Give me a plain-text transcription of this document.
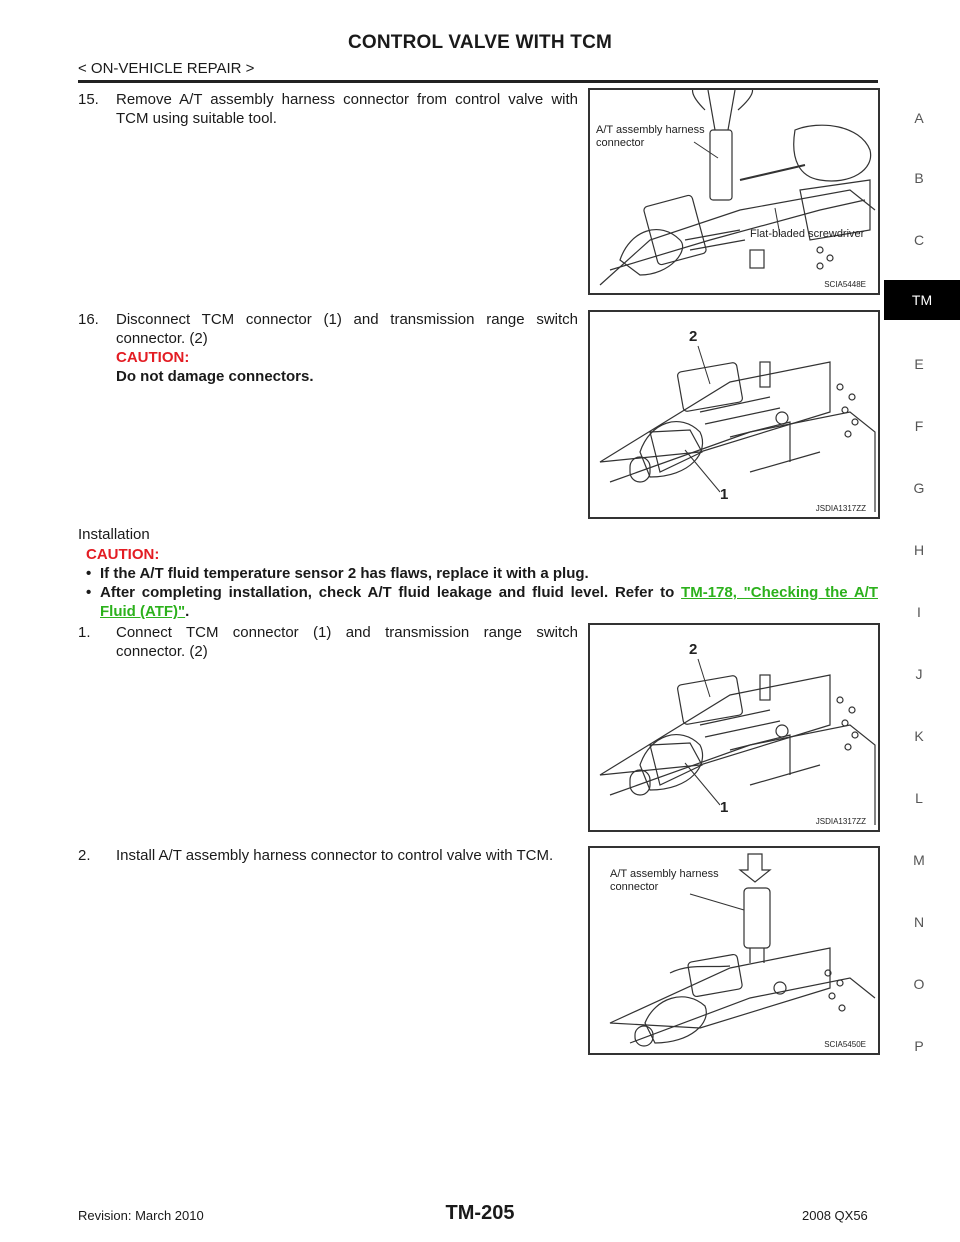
CONTROL VALVE WITH TCM
< ON-VEHICLE REPAIR >
A
B
C
TM
E
F
G
H
I
J
K
L
M
N
O
P
15.	Remove A/T assembly harness connector from control valve with TCM using suitable tool.
A/T assembly harness connector
Flat-bladed screwdriver
SCIA5448E
16.	Disconnect TCM connector (1) and transmission range switch connector. (2)
CAUTION:
Do not damage connectors.
2
1
JSDIA1317ZZ
Installation
CAUTION:
• If the A/T fluid temperature sensor 2 has flaws, replace it with a plug.
• After completing installation, check A/T fluid leakage and fluid level. Refer to TM-178, "Checking the A/T Fluid (ATF)".
1.	Connect TCM connector (1) and transmission range switch connector. (2)	2
1
JSDIA1317ZZ
2.	Install A/T assembly harness connector to control valve with TCM.
A/T assembly harness connector
SCIA5450E
Revision: March 2010	TM-205	2008 QX56
